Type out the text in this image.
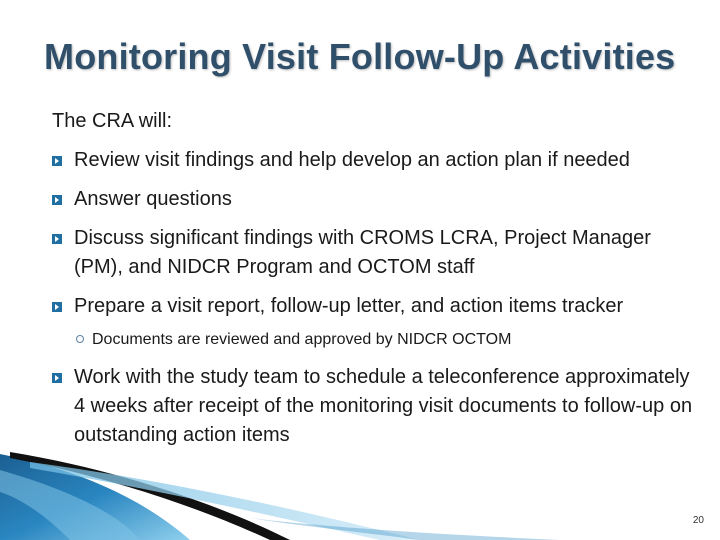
Monitoring Visit Follow-Up Activities

The CRA will:

Review visit findings and help develop an action plan if needed
Answer questions
Discuss significant findings with CROMS LCRA, Project Manager (PM), and NIDCR Program and OCTOM staff
Prepare a visit report, follow-up letter, and action items tracker
Documents are reviewed and approved by NIDCR OCTOM
Work with the study team to schedule a teleconference approximately 4 weeks after receipt of the monitoring visit documents to follow-up on outstanding action items
20
